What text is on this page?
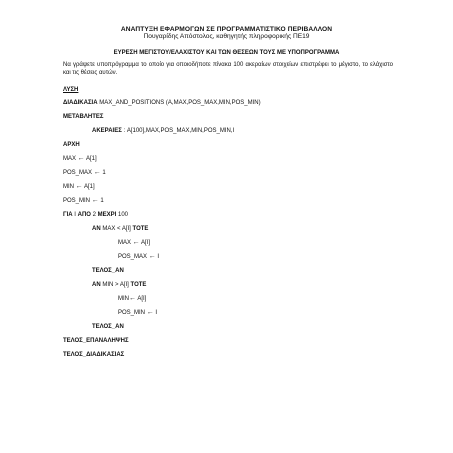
ΑΝΑΠΤΥΞΗ ΕΦΑΡΜΟΓΩΝ ΣΕ ΠΡΟΓΡΑΜΜΑΤΙΣΤΙΚΟ ΠΕΡΙΒΑΛΛΟΝ
Πουγαρίδης Απόστολος, καθηγητής πληροφορικής ΠΕ19
ΕΥΡΕΣΗ ΜΕΓΙΣΤΟΥ/ΕΛΑΧΙΣΤΟΥ ΚΑΙ ΤΩΝ ΘΕΣΕΩΝ ΤΟΥΣ ΜΕ ΥΠΟΠΡΟΓΡΑΜΜΑ
Να γράψετε υποπρόγραμμα το οποίο για οποιοδήποτε πίνακα 100 ακεραίων στοιχείων επιστρέφει το μέγιστο, το ελάχιστο και τις θέσεις αυτών.
ΛΥΣΗ
ΔΙΑΔΙΚΑΣΙΑ MAX_AND_POSITIONS (A,MAX,POS_MAX,MIN,POS_MIN)
ΜΕΤΑΒΛΗΤΕΣ
ΑΚΕΡΑΙΕΣ : A[100],MAX,POS_MAX,MIN,POS_MIN,I
ΑΡΧΗ
MAX ← A[1]
POS_MAX ← 1
MIN ← A[1]
POS_MIN ← 1
ΓΙΑ I ΑΠΟ 2 ΜΕΧΡΙ 100
ΑΝ MAX < A[I] ΤΟΤΕ
MAX ← A[I]
POS_MAX ← I
ΤΕΛΟΣ_ΑΝ
ΑΝ MIN > A[I] ΤΟΤΕ
MIN← A[I]
POS_MIN ← I
ΤΕΛΟΣ_ΑΝ
ΤΕΛΟΣ_ΕΠΑΝΑΛΗΨΗΣ
ΤΕΛΟΣ_ΔΙΑΔΙΚΑΣΙΑΣ
